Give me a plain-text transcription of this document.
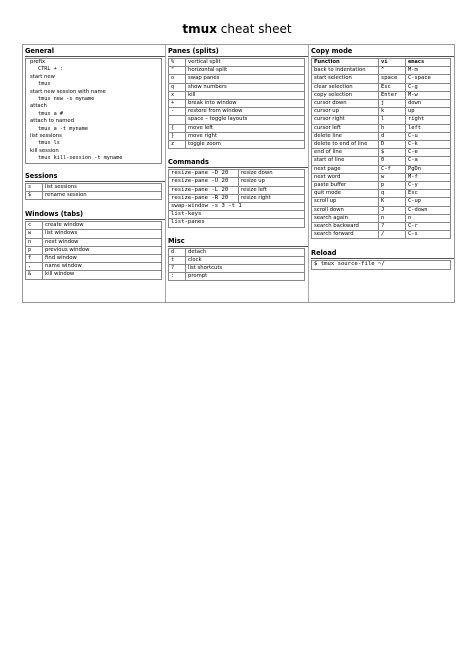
tmux cheat sheet
General
prefix
CTRL + :
start new
tmux
start new session with name
tmux new -s myname
attach
tmux a #
attach to named
tmux a -t myname
list sessions
tmux ls
kill session
tmux kill-session -t myname
Sessions
s	list sessions
$	rename session
Windows (tabs)
c	create window
w	list windows
n	next window
p	previous window
f	find window
,	name window
&	kill window
Panes (splits)
%	vertical split
"	horizontal split
o	swap panes
q	show numbers
x	kill
+	break into window
-	restore from window
	space – toggle layouts
{	move left
}	move right
z	toggle zoom
Commands
resize-pane -D 20	resize down
resize-pane -U 20	resize up
resize-pane -L 20	resize left
resize-pane -R 20	resize right
swap-window -s 3 -t 1	
list-keys	
list-panes	
Misc
d	detach
t	clock
?	list shortcuts
:	prompt
Copy mode
Function	vi	emacs
back to indentation	^	M-m
start selection	space	C-space
clear selection	Esc	C-g
copy selection	Enter	M-w
cursor down	j	down
cursor up	k	up
cursor right	l	right
cursor left	h	left
delete line	d	C-u
delete to end of line	D	C-k
end of line	$	C-e
start of line	0	C-a
next page	C-f	PgDn
next word	w	M-f
paste buffer	p	C-y
quit mode	q	Esc
scroll up	K	C-up
scroll down	J	C-down
search again	n	n
search backward	?	C-r
search forward	/	C-s
Reload
$ tmux source-file ~/
